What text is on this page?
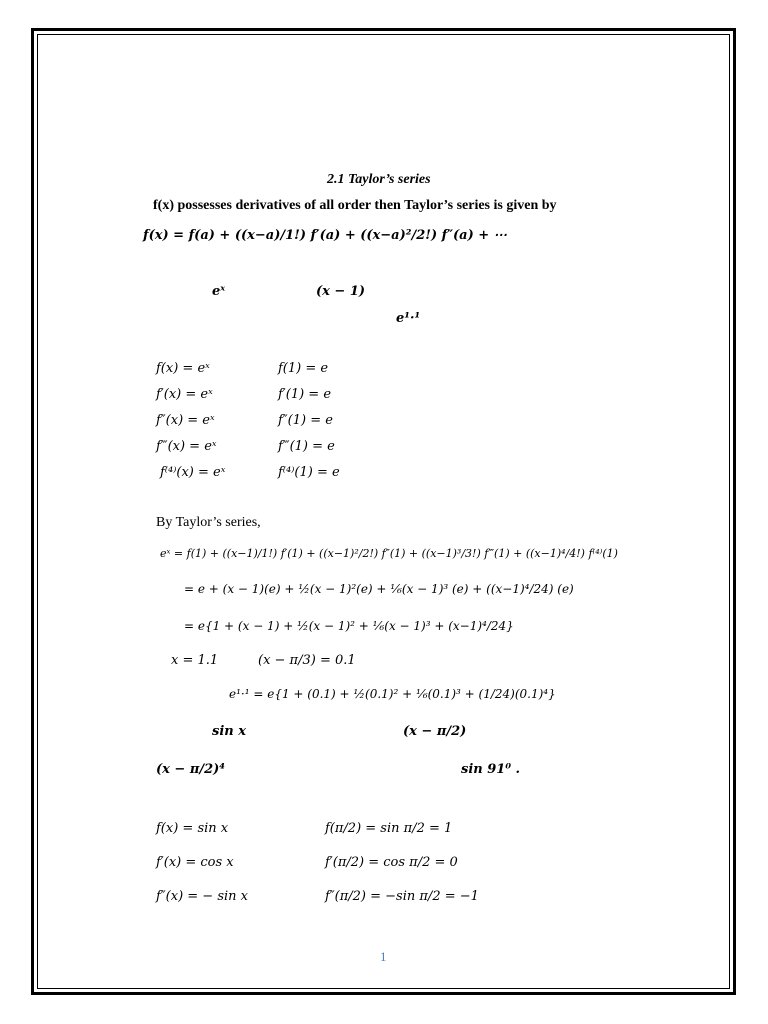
2.1 Taylor’s series
f(x) possesses derivatives of all order then Taylor’s series is given by
f(x) = f(a) + ((x−a)/1!) f′(a) + ((x−a)²/2!) f″(a) + ⋯
eˣ	(x − 1)
e¹·¹
f(x) = eˣ	f(1) = e
f′(x) = eˣ	f′(1) = e
f″(x) = eˣ	f″(1) = e
f‴(x) = eˣ	f‴(1) = e
f⁽⁴⁾(x) = eˣ	f⁽⁴⁾(1) = e
By Taylor’s series,
eˣ = f(1) + ((x−1)/1!) f′(1) + ((x−1)²/2!) f″(1) + ((x−1)³/3!) f‴(1) + ((x−1)⁴/4!) f⁽⁴⁾(1)
= e + (x − 1)(e) + ½(x − 1)²(e) + ⅙(x − 1)³ (e) + ((x−1)⁴/24) (e)
= e{1 + (x − 1) + ½(x − 1)² + ⅙(x − 1)³ + (x−1)⁴/24}
x = 1.1	(x − π/3) = 0.1
e¹·¹ = e{1 + (0.1) + ½(0.1)² + ⅙(0.1)³ + (1/24)(0.1)⁴}
sin x	(x − π/2)
(x − π/2)⁴	sin 91⁰ .
f(x) = sin x	f(π/2) = sin π/2 = 1
f′(x) = cos x	f′(π/2) = cos π/2 = 0
f″(x) = − sin x	f″(π/2) = −sin π/2 = −1
1
